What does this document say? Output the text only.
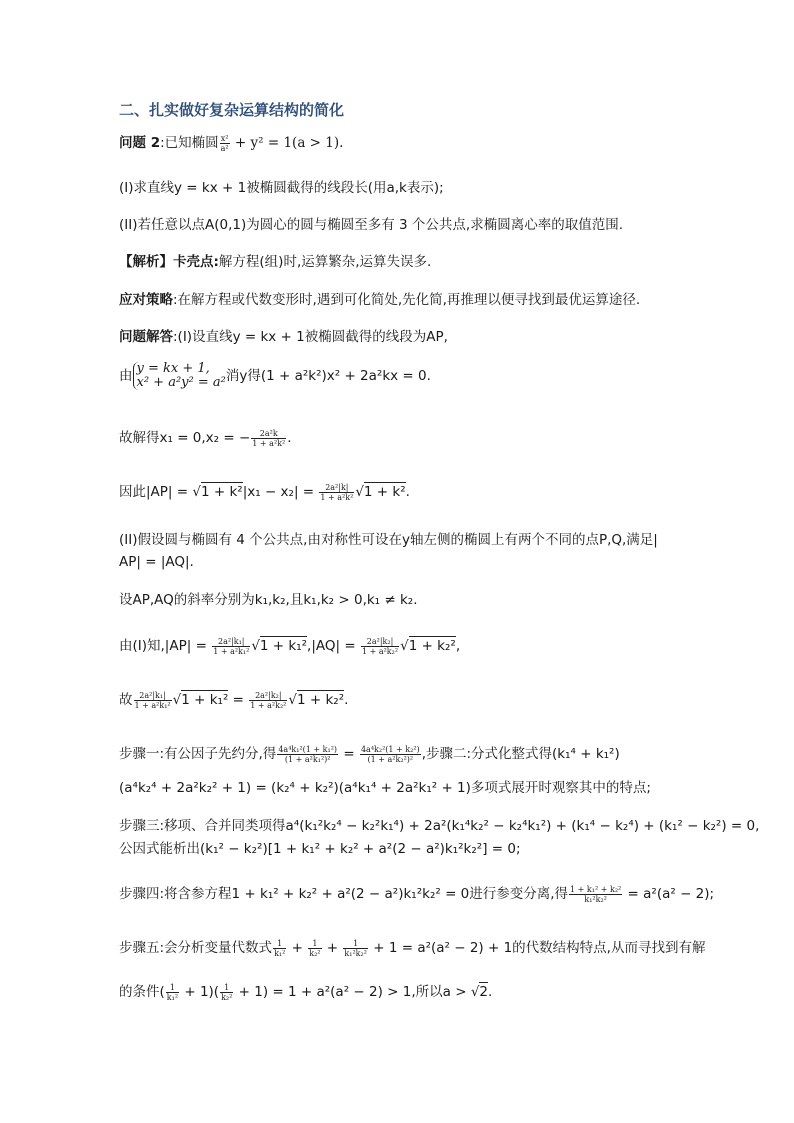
二、扎实做好复杂运算结构的简化
问题 2:已知椭圆 $\frac{\text{x²}}{\text{a²}} + y^2 = 1(a > 1)$.
(I)求直线y = kx + 1被椭圆截得的线段长(用a,k表示);
(II)若任意以点A(0,1)为圆心的圆与椭圆至多有 3 个公共点,求椭圆离心率的取值范围.
【解析】卡壳点:解方程(组)时,运算繁杂,运算失误多.
应对策略:在解方程或代数变形时,遇到可化简处,先化简,再推理以便寻找到最优运算途径.
问题解答:(I)设直线y = kx + 1被椭圆截得的线段为AP,
由 y = kx + 1,
x² + a²y² = a² 消y得(1 + a²k²)x² + 2a²kx = 0.
故解得x₁ = 0,x₂ = − $\frac{\text{2a²k}}{\text{1 + a²k²}}$ .
因此$|AP| = √1 + k^2|x_1 - x_2| = \frac{\text{2a²|k|}}{\text{1 + a²k²}} √1 + k^2$.
(II)假设圆与椭圆有 4 个公共点,由对称性可设在y轴左侧的椭圆上有两个不同的点P,Q,满足|
AP| = |AQ|.
设AP,AQ的斜率分别为k₁,k₂,且k₁,k₂ > 0,k₁ ≠ k₂.
由(I)知$,|AP| = \frac{\text{2a²|k₁|}}{\text{1 + a²k₁²}} √1 + k_1^2,|AQ| = \frac{\text{2a²|k₂|}}{\text{1 + a²k₂²}} √1 + k_2^2$,
故 $\frac{\text{2a²|k₁|}}{\text{1 + a²k₁²}} √1 + k_1^2 = \frac{\text{2a²|k₂|}}{\text{1 + a²k₂²}} √1 + k_2^2$.
步骤一:有公因子先约分,得 $\frac{\text{4a⁴k₁²(1 + k₁²)}}{\text{(1 + a²k₁²)²}} = \frac{\text{4a⁴k₂²(1 + k₂²)}}{\text{(1 + a²k₂²)²}}$ ,步骤二:分式化整式得(k₁⁴ + k₁²)
(a⁴k₂⁴ + 2a²k₂² + 1) = (k₂⁴ + k₂²)(a⁴k₁⁴ + 2a²k₁² + 1)多项式展开时观察其中的特点;
步骤三:移项、合并同类项得a⁴(k₁²k₂⁴ − k₂²k₁⁴) + 2a²(k₁⁴k₂² − k₂⁴k₁²) + (k₁⁴ − k₂⁴) + (k₁² − k₂²) = 0,
公因式能析出(k₁² − k₂²)[1 + k₁² + k₂² + a²(2 − a²)k₁²k₂²] = 0;
步骤四:将含参方程1 + k₁² + k₂² + a²(2 − a²)k₁²k₂² = 0进行参变分离,得 $\frac{\text{1 + k₁² + k₂²}}{\text{k₁²k₂²}} = a^2(a^2 - 2)$;
步骤五:会分析变量代数式 $\frac{1}{\text{k₁²}} + \frac{1}{\text{k₂²}} + \frac{1}{\text{k₁²k₂²}} + 1 = a^2(a^2 - 2) + 1$的代数结构特点,从而寻找到有解
的条件( $\frac{1}{\text{k₁²}} + 1)( \frac{1}{\text{k₂²}} + 1) = 1 + a^2(a^2 - 2) > 1$,所以a > √2.
